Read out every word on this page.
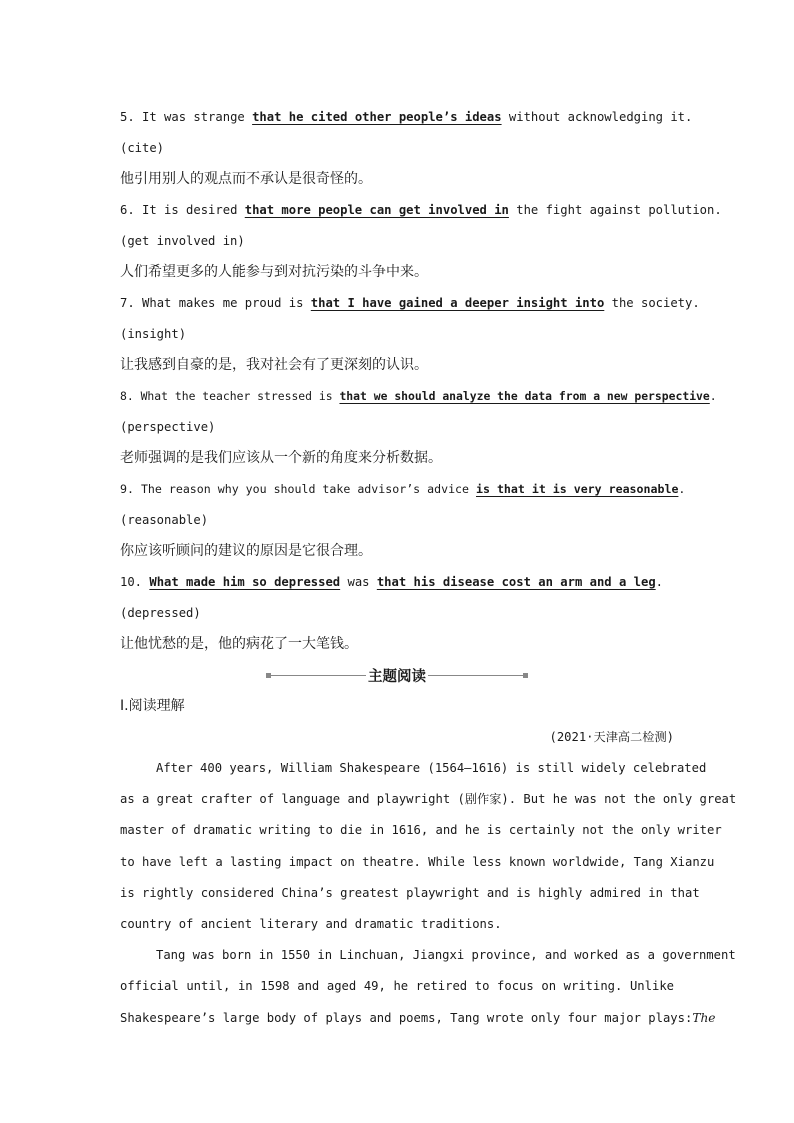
5. It was strange that he cited other people’s ideas without acknowledging it.
(cite)
他引用别人的观点而不承认是很奇怪的。
6. It is desired that more people can get involved in the fight against pollution.
(get involved in)
人们希望更多的人能参与到对抗污染的斗争中来。
7. What makes me proud is that I have gained a deeper insight into the society.
(insight)
让我感到自豪的是，我对社会有了更深刻的认识。
8. What the teacher stressed is that we should analyze the data from a new perspective .
(perspective)
老师强调的是我们应该从一个新的角度来分析数据。
9. The reason why you should take advisor’s advice is that it is very reasonable .
(reasonable)
你应该听顾问的建议的原因是它很合理。
10.
What made him so depressed was that his disease cost an arm and a leg .
(depressed)
让他忧愁的是，他的病花了一大笔钱。
主题阅读
Ⅰ.阅读理解
(2021·天津高二检测)
After 400 years, William Shakespeare (1564—1616) is still widely celebrated
as a great crafter of language and playwright (剧作家). But he was not the only great
master of dramatic writing to die in 1616, and he is certainly not the only writer
to have left a lasting impact on theatre. While less known worldwide, Tang Xianzu
is rightly considered China’s greatest playwright and is highly admired in that
country of ancient literary and dramatic traditions.
Tang was born in 1550 in Linchuan, Jiangxi province, and worked as a government
official until, in 1598 and aged 49, he retired to focus on writing. Unlike
Shakespeare’s large body of plays and poems, Tang wrote only four major plays: The
